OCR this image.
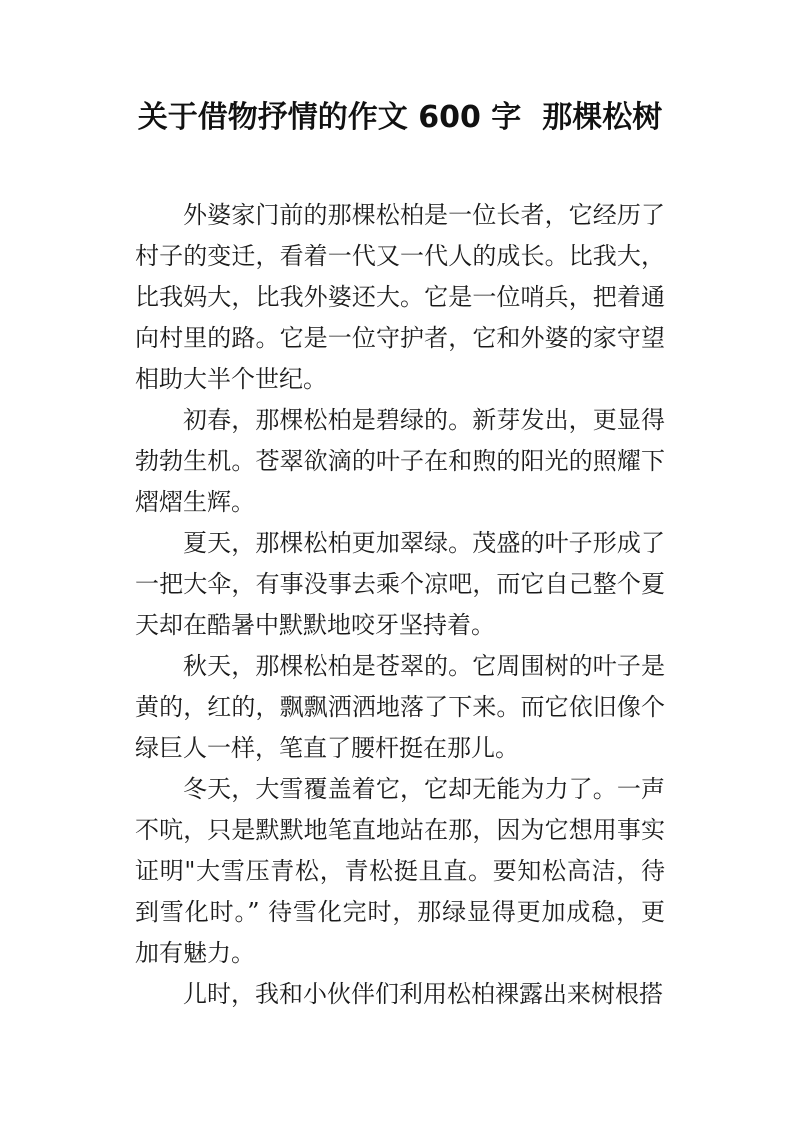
关于借物抒情的作文 600 字  那棵松树

外婆家门前的那棵松柏是一位长者，它经历了村子的变迁，看着一代又一代人的成长。比我大，比我妈大，比我外婆还大。它是一位哨兵，把着通向村里的路。它是一位守护者，它和外婆的家守望相助大半个世纪。

初春，那棵松柏是碧绿的。新芽发出，更显得勃勃生机。苍翠欲滴的叶子在和煦的阳光的照耀下熠熠生辉。

夏天，那棵松柏更加翠绿。茂盛的叶子形成了一把大伞，有事没事去乘个凉吧，而它自己整个夏天却在酷暑中默默地咬牙坚持着。

秋天，那棵松柏是苍翠的。它周围树的叶子是黄的，红的，飘飘洒洒地落了下来。而它依旧像个绿巨人一样，笔直了腰杆挺在那儿。

冬天，大雪覆盖着它，它却无能为力了。一声不吭，只是默默地笔直地站在那，因为它想用事实证明"大雪压青松，青松挺且直。要知松高洁，待到雪化时。” 待雪化完时，那绿显得更加成稳，更加有魅力。

儿时，我和小伙伴们利用松柏裸露出来树根搭
